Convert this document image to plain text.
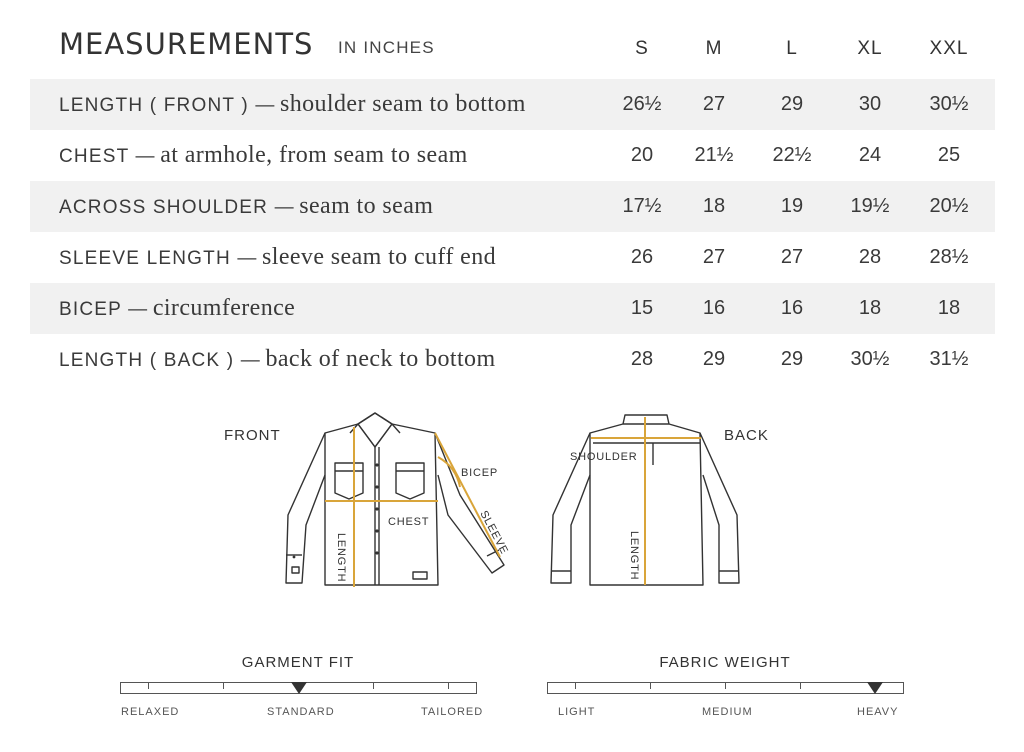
MEASUREMENTS IN INCHES	S	M	L	XL	XXL
LENGTH ( FRONT ) — shoulder seam to bottom	26½	27	29	30	30½
CHEST — at armhole, from seam to seam	20	21½	22½	24	25
ACROSS SHOULDER — seam to seam	17½	18	19	19½	20½
SLEEVE LENGTH — sleeve seam to cuff end	26	27	27	28	28½
BICEP — circumference	15	16	16	18	18
LENGTH ( BACK ) — back of neck to bottom	28	29	29	30½	31½
FRONT	BACK
CHEST
BICEP
SLEEVE
LENGTH
SHOULDER
LENGTH
GARMENT FIT
RELAXED	STANDARD	TAILORED
FABRIC WEIGHT
LIGHT	MEDIUM	HEAVY
